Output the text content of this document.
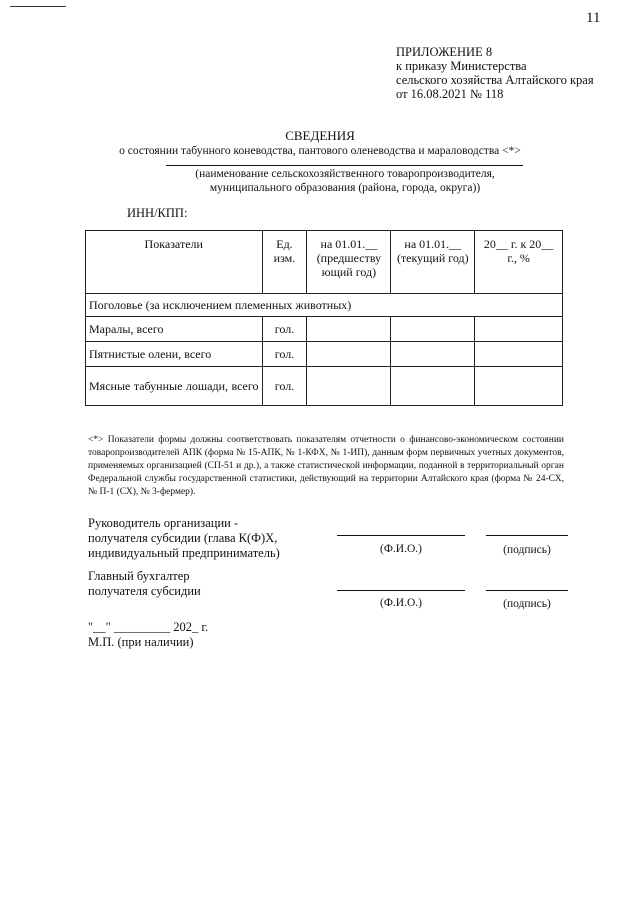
11
ПРИЛОЖЕНИЕ 8
к приказу Министерства
сельского хозяйства Алтайского края
от 16.08.2021 № 118
СВЕДЕНИЯ
о состоянии табунного коневодства, пантового оленеводства и мараловодства <*>
(наименование сельскохозяйственного товаропроизводителя,
муниципального образования (района, города, округа))
ИНН/КПП:
Показатели	Ед. изм.	на 01.01.__ (предшеству ющий год)	на 01.01.__ (текущий год)	20__ г. к 20__ г., %
Поголовье (за исключением племенных животных)				
Маралы, всего	гол.			
Пятнистые олени, всего	гол.			
Мясные табунные лошади, всего	гол.			
<*> Показатели формы должны соответствовать показателям отчетности о финансово-экономическом состоянии товаропроизводителей АПК (форма № 15-АПК, № 1-КФХ, № 1-ИП), данным форм первичных учетных документов, применяемых организацией (СП-51 и др.), а также статистической информации, поданной в территориальный орган Федеральной службы государственной статистики, действующий на территории Алтайского края (форма № 24-СХ, № П-1 (СХ), № 3-фермер).
Руководитель организации -
получателя субсидии (глава К(Ф)Х,
индивидуальный предприниматель)	(Ф.И.О.)	(подпись)
Главный бухгалтер
получателя субсидии
(Ф.И.О.)	(подпись)
"__" _________ 202_ г.
М.П. (при наличии)
